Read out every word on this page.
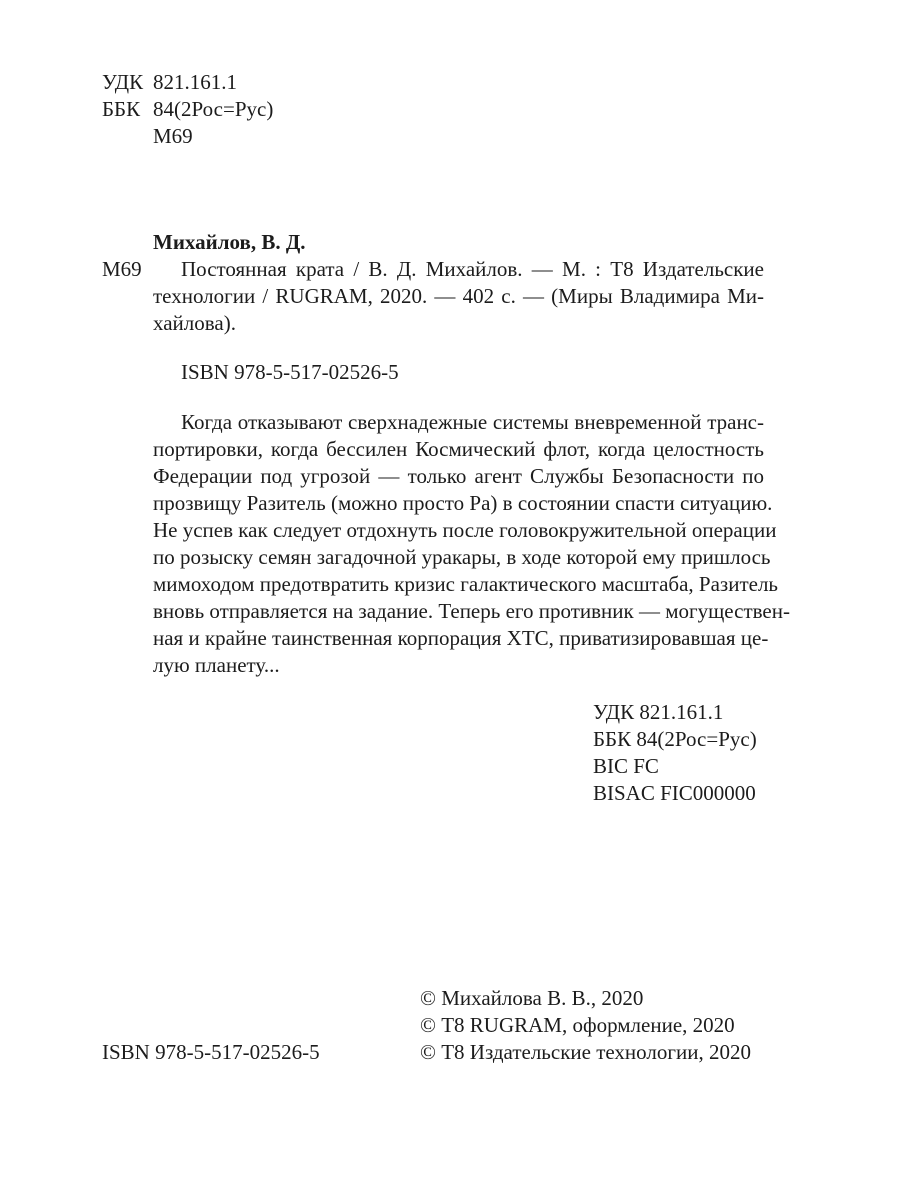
УДК 821.161.1
ББК 84(2Рос=Рус)
М69
Михайлов, В. Д.
М69	Постоянная крата / В. Д. Михайлов. — М. : Т8 Издательские
технологии / RUGRAM, 2020. — 402 с. — (Миры Владимира Ми-
хайлова).
ISBN 978-5-517-02526-5
Когда отказывают сверхнадежные системы вневременной транс-
портировки, когда бессилен Космический флот, когда целостность
Федерации под угрозой — только агент Службы Безопасности по
прозвищу Разитель (можно просто Ра) в состоянии спасти ситуацию.
Не успев как следует отдохнуть после головокружительной операции
по розыску семян загадочной уракары, в ходе которой ему пришлось
мимоходом предотвратить кризис галактического масштаба, Разитель
вновь отправляется на задание. Теперь его противник — могуществен-
ная и крайне таинственная корпорация ХТС, приватизировавшая це-
лую планету...
УДК 821.161.1
ББК 84(2Рос=Рус)
BIC FC
BISAC FIC000000
© Михайлова В. В., 2020
© Т8 RUGRAM, оформление, 2020
© Т8 Издательские технологии, 2020
ISBN 978-5-517-02526-5
